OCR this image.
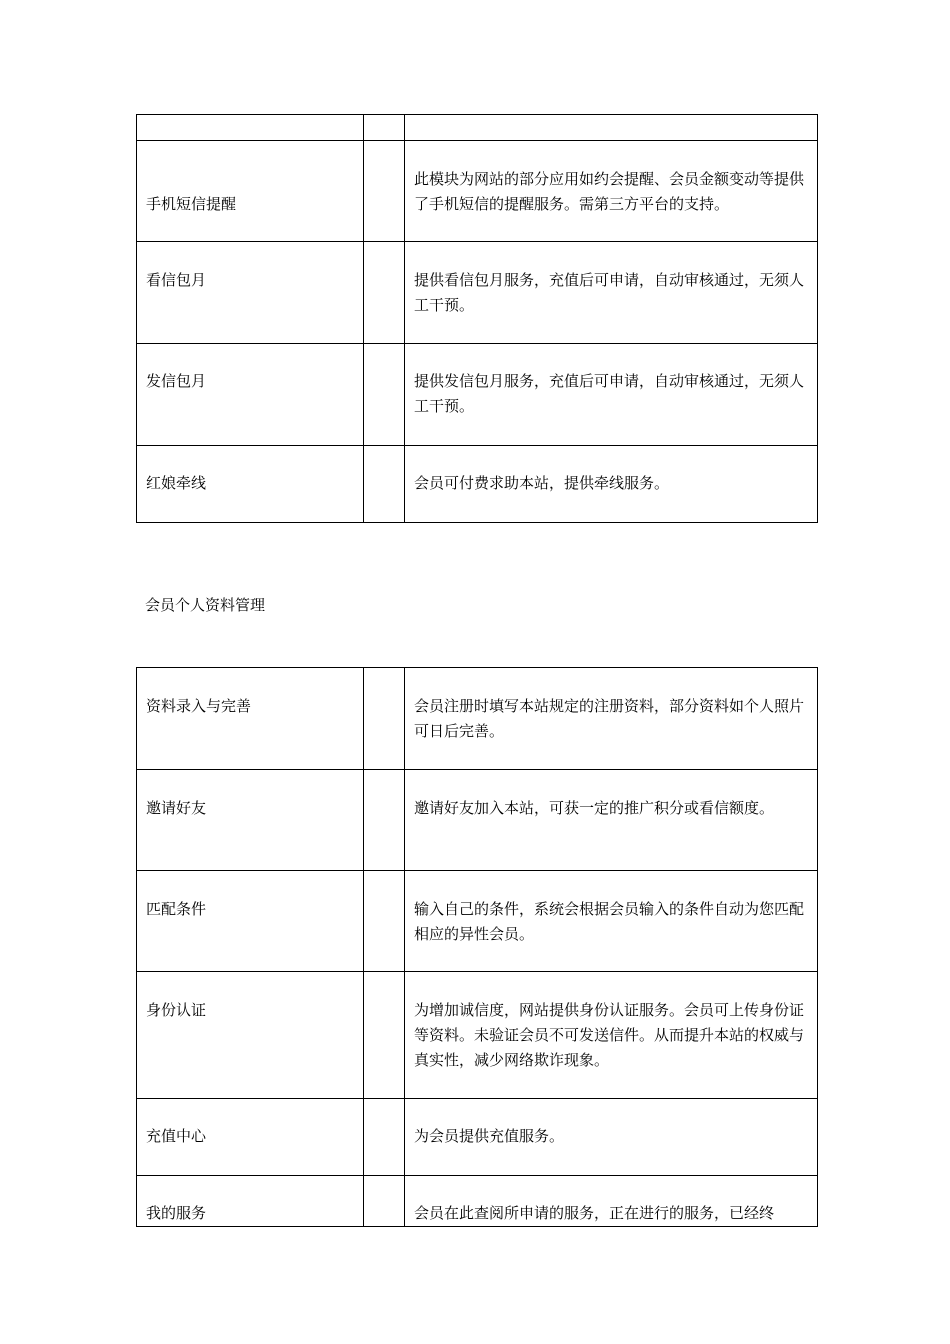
手机短信提醒		此模块为网站的部分应用如约会提醒、会员金额变动等提供了手机短信的提醒服务。需第三方平台的支持。

看信包月		提供看信包月服务，充值后可申请，自动审核通过，无须人工干预。

发信包月		提供发信包月服务，充值后可申请，自动审核通过，无须人工干预。

红娘牵线		会员可付费求助本站，提供牵线服务。
会员个人资料管理
资料录入与完善		会员注册时填写本站规定的注册资料，部分资料如个人照片可日后完善。

邀请好友		邀请好友加入本站，可获一定的推广积分或看信额度。

匹配条件		输入自己的条件，系统会根据会员输入的条件自动为您匹配相应的异性会员。

身份认证		为增加诚信度，网站提供身份认证服务。会员可上传身份证等资料。未验证会员不可发送信件。从而提升本站的权威与真实性，减少网络欺诈现象。

充值中心		为会员提供充值服务。

我的服务		会员在此查阅所申请的服务，正在进行的服务，已经终
